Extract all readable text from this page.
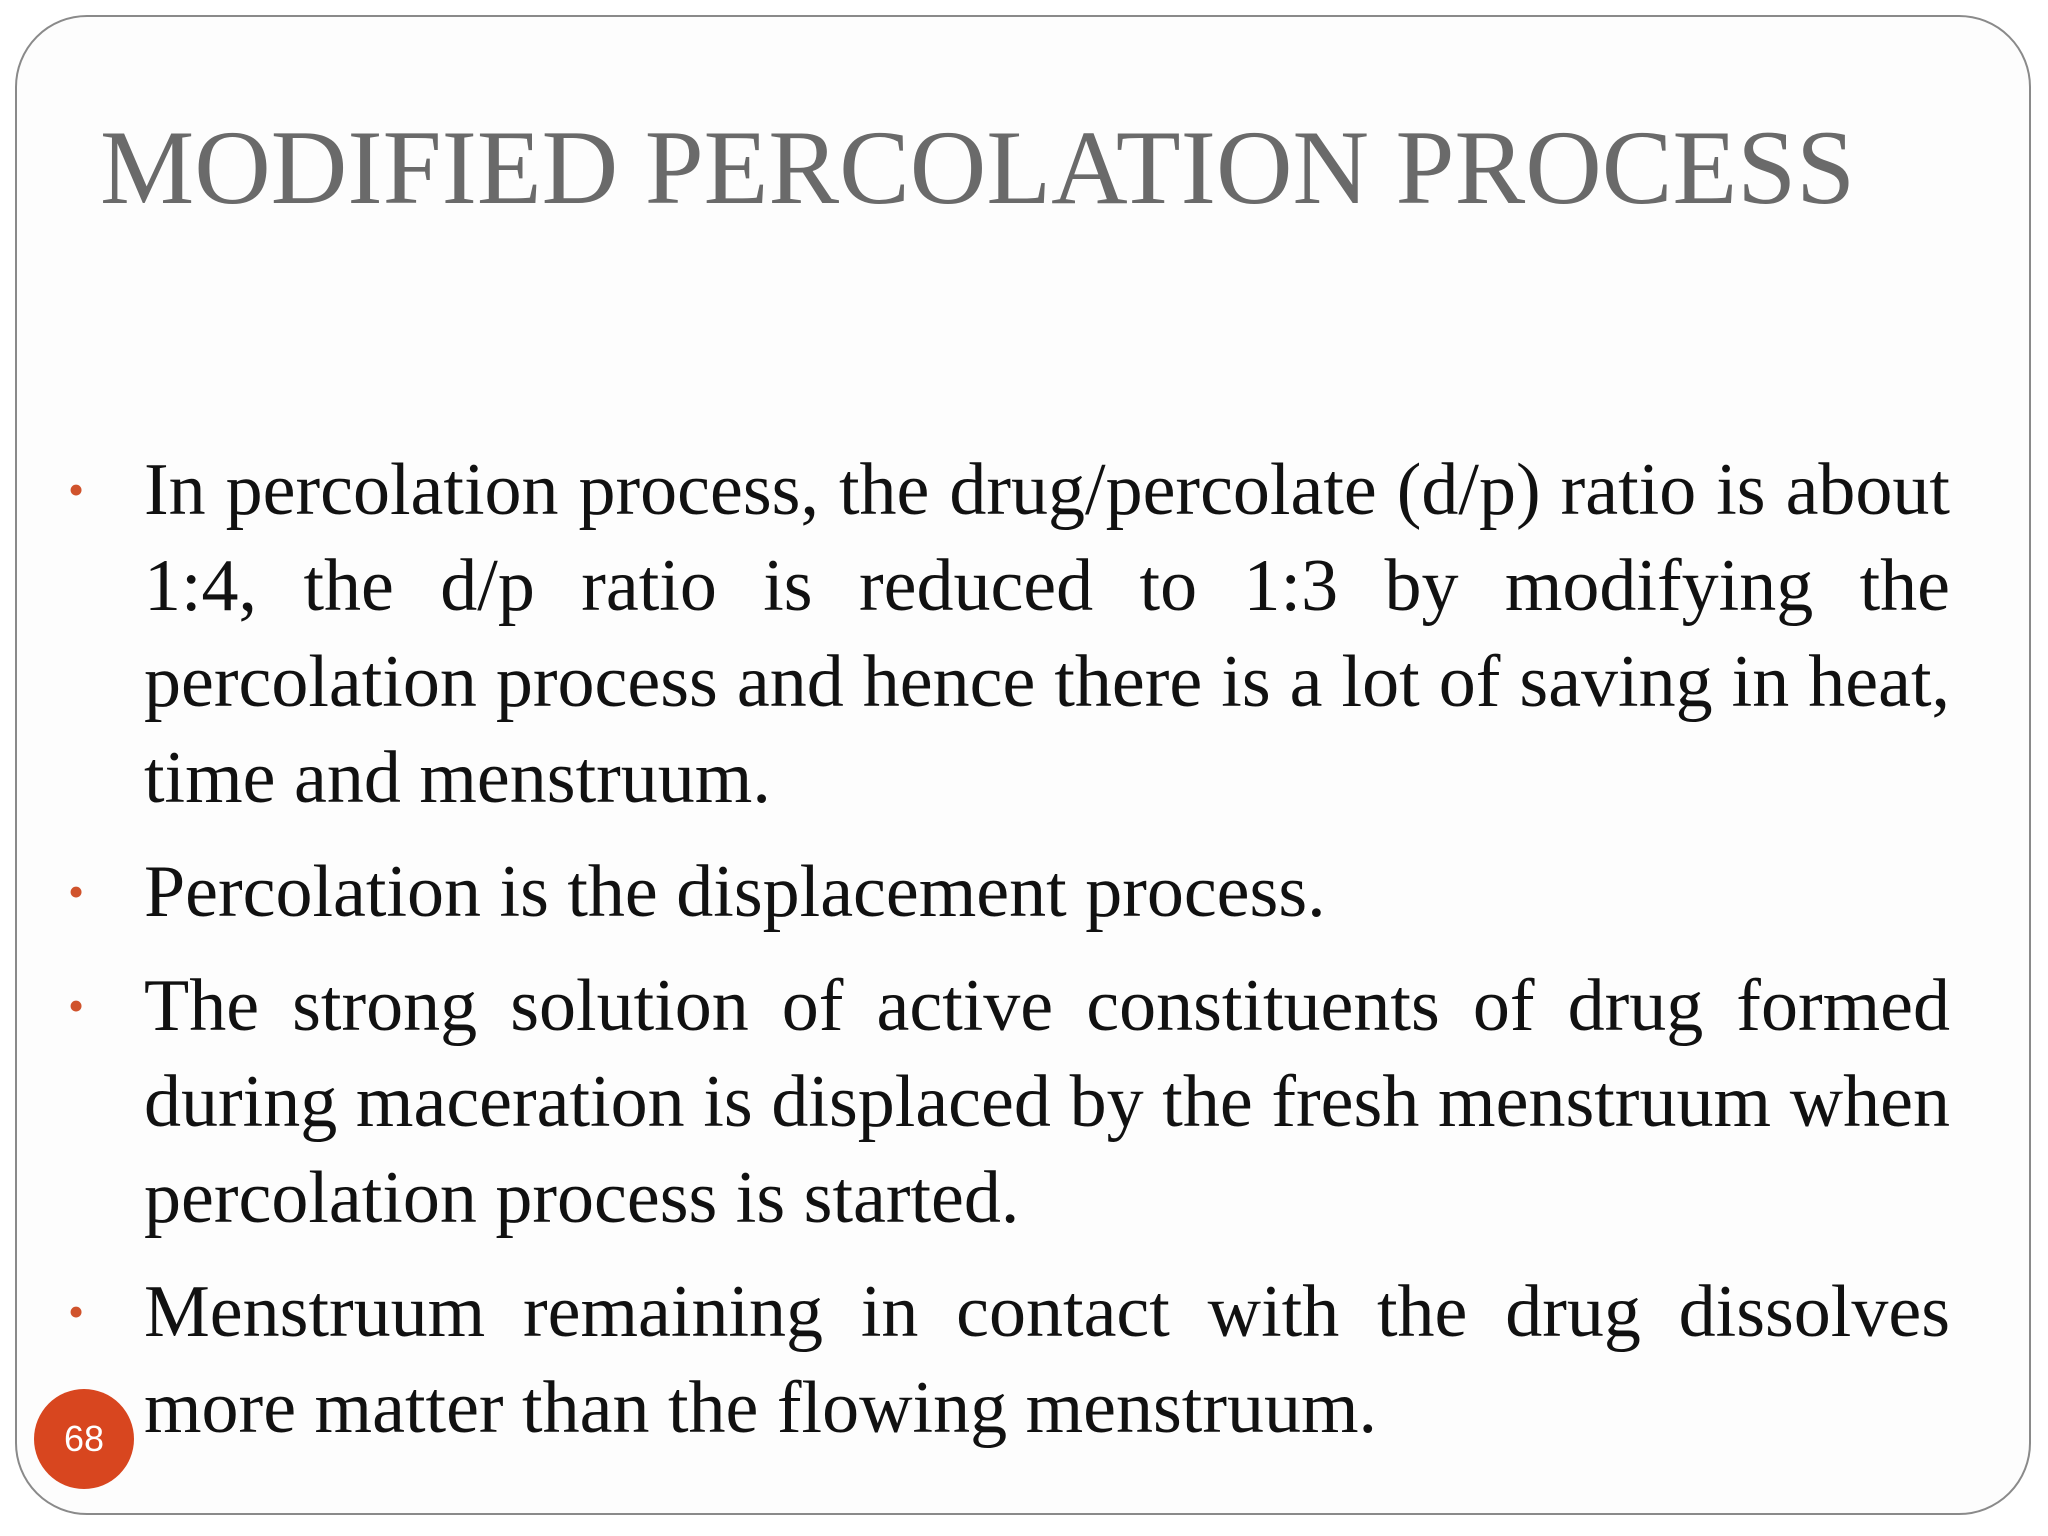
MODIFIED PERCOLATION PROCESS
• In percolation process, the drug/percolate (d/p) ratio is about 1:4, the d/p ratio is reduced to 1:3 by modifying the percolation process and hence there is a lot of saving in heat, time and menstruum.
• Percolation is the displacement process.
• The strong solution of active constituents of drug formed during maceration is displaced by the fresh menstruum when percolation process is started.
• Menstruum remaining in contact with the drug dissolves more matter than the flowing menstruum.
68
